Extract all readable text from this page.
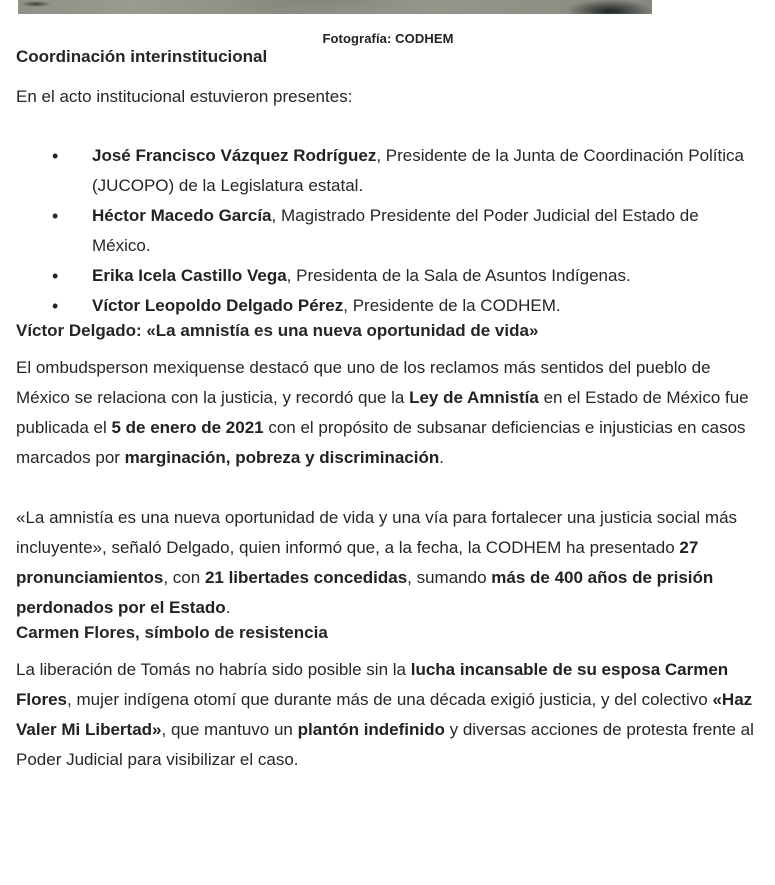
Fotografía: CODHEM
Coordinación interinstitucional

En el acto institucional estuvieron presentes:

• José Francisco Vázquez Rodríguez, Presidente de la Junta de Coordinación Política (JUCOPO) de la Legislatura estatal.
• Héctor Macedo García, Magistrado Presidente del Poder Judicial del Estado de México.
• Erika Icela Castillo Vega, Presidenta de la Sala de Asuntos Indígenas.
• Víctor Leopoldo Delgado Pérez, Presidente de la CODHEM.
Víctor Delgado: «La amnistía es una nueva oportunidad de vida»

El ombudsperson mexiquense destacó que uno de los reclamos más sentidos del pueblo de México se relaciona con la justicia, y recordó que la Ley de Amnistía en el Estado de México fue publicada el 5 de enero de 2021 con el propósito de subsanar deficiencias e injusticias en casos marcados por marginación, pobreza y discriminación.

«La amnistía es una nueva oportunidad de vida y una vía para fortalecer una justicia social más incluyente», señaló Delgado, quien informó que, a la fecha, la CODHEM ha presentado 27 pronunciamientos, con 21 libertades concedidas, sumando más de 400 años de prisión perdonados por el Estado.

Carmen Flores, símbolo de resistencia

La liberación de Tomás no habría sido posible sin la lucha incansable de su esposa Carmen Flores, mujer indígena otomí que durante más de una década exigió justicia, y del colectivo «Haz Valer Mi Libertad», que mantuvo un plantón indefinido y diversas acciones de protesta frente al Poder Judicial para visibilizar el caso.
